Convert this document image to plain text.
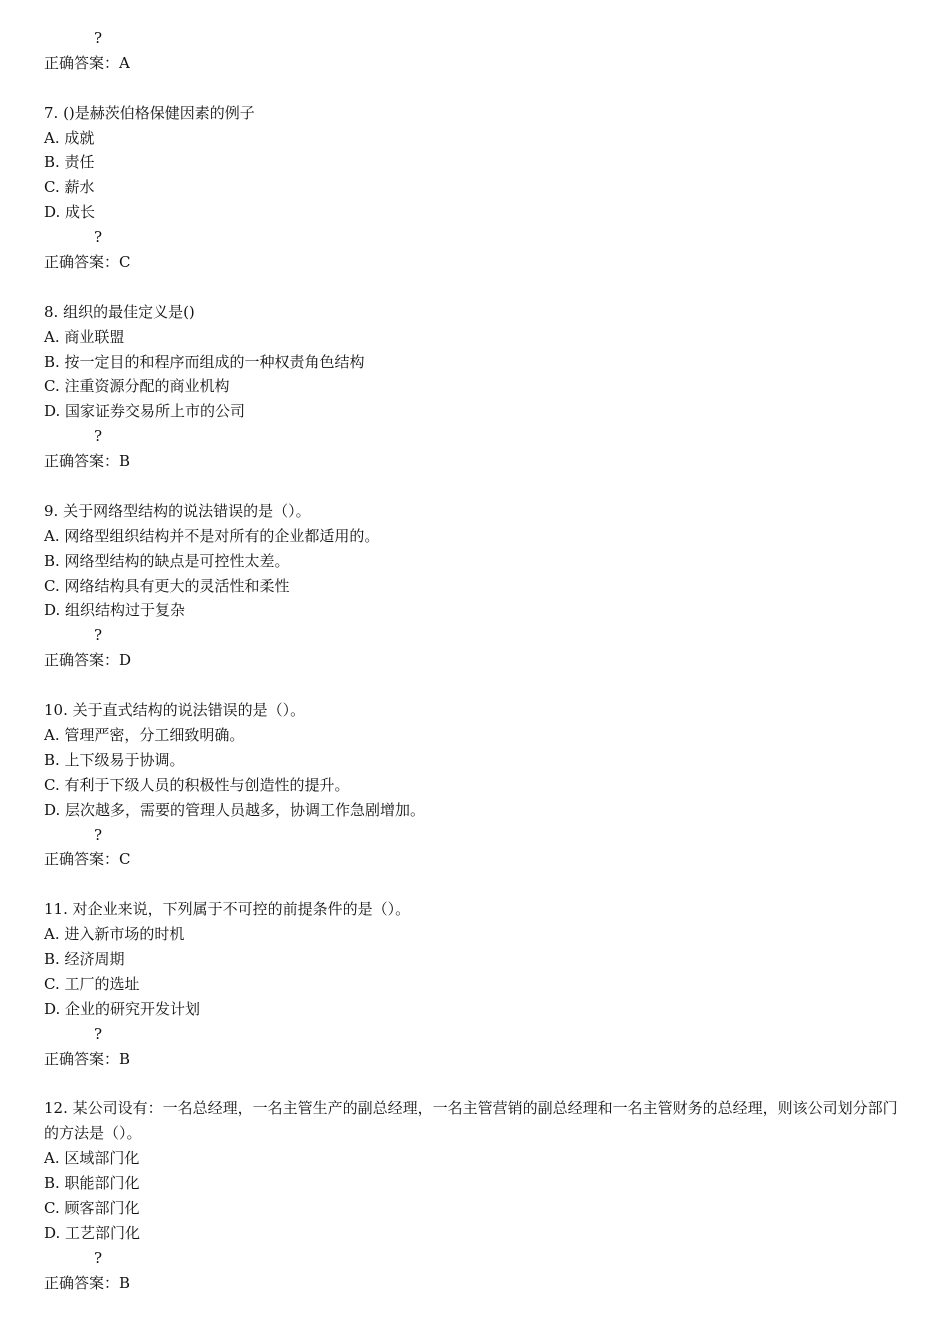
?
正确答案：A
7. ()是赫茨伯格保健因素的例子
A. 成就
B. 责任
C. 薪水
D. 成长
?
正确答案：C
8. 组织的最佳定义是()
A. 商业联盟
B. 按一定目的和程序而组成的一种权责角色结构
C. 注重资源分配的商业机构
D. 国家证券交易所上市的公司
?
正确答案：B
9. 关于网络型结构的说法错误的是（）。
A. 网络型组织结构并不是对所有的企业都适用的。
B. 网络型结构的缺点是可控性太差。
C. 网络结构具有更大的灵活性和柔性
D. 组织结构过于复杂
?
正确答案：D
10. 关于直式结构的说法错误的是（）。
A. 管理严密，分工细致明确。
B. 上下级易于协调。
C. 有利于下级人员的积极性与创造性的提升。
D. 层次越多，需要的管理人员越多，协调工作急剧增加。
?
正确答案：C
11. 对企业来说，下列属于不可控的前提条件的是（）。
A. 进入新市场的时机
B. 经济周期
C. 工厂的选址
D. 企业的研究开发计划
?
正确答案：B
12. 某公司设有：一名总经理，一名主管生产的副总经理，一名主管营销的副总经理和一名主管财务的总经理，则该公司划分部门的方法是（）。
A. 区域部门化
B. 职能部门化
C. 顾客部门化
D. 工艺部门化
?
正确答案：B
